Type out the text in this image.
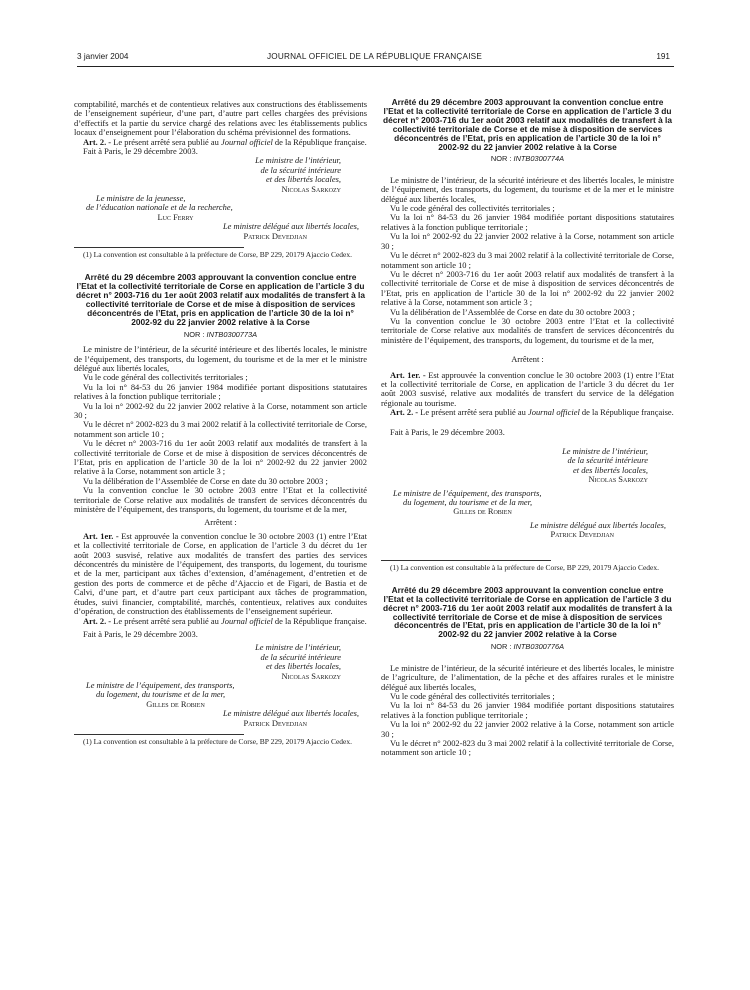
3 janvier 2004	JOURNAL OFFICIEL DE LA RÉPUBLIQUE FRANÇAISE	191

comptabilité, marchés et de contentieux relatives aux constructions des établissements de l’enseignement supérieur, d’une part, d’autre part celles chargées des prévisions d’effectifs et la partie du service chargé des relations avec les établissements publics locaux d’enseignement pour l’élaboration du schéma prévisionnel des formations.

Art. 2. - Le présent arrêté sera publié au Journal officiel de la République française.

Fait à Paris, le 29 décembre 2003.

Le ministre de l’intérieur,
de la sécurité intérieure
et des libertés locales,
Nicolas Sarkozy
Le ministre de la jeunesse,
de l’éducation nationale et de la recherche,
Luc Ferry
Le ministre délégué aux libertés locales,
Patrick Devedjian

(1) La convention est consultable à la préfecture de Corse, BP 229, 20179 Ajaccio Cedex.

Arrêté du 29 décembre 2003 approuvant la convention conclue entre l’Etat et la collectivité territoriale de Corse en application de l’article 3 du décret n° 2003-716 du 1er août 2003 relatif aux modalités de transfert à la collectivité territoriale de Corse et de mise à disposition de services déconcentrés de l’Etat, pris en application de l’article 30 de la loi n° 2002-92 du 22 janvier 2002 relative à la Corse
NOR : INTB0300773A

Le ministre de l’intérieur, de la sécurité intérieure et des libertés locales, le ministre de l’équipement, des transports, du logement, du tourisme et de la mer et le ministre délégué aux libertés locales,

Vu le code général des collectivités territoriales ;

Vu la loi n° 84-53 du 26 janvier 1984 modifiée portant dispositions statutaires relatives à la fonction publique territoriale ;

Vu la loi n° 2002-92 du 22 janvier 2002 relative à la Corse, notamment son article 30 ;

Vu le décret n° 2002-823 du 3 mai 2002 relatif à la collectivité territoriale de Corse, notamment son article 10 ;

Vu le décret n° 2003-716 du 1er août 2003 relatif aux modalités de transfert à la collectivité territoriale de Corse et de mise à disposition de services déconcentrés de l’Etat, pris en application de l’article 30 de la loi n° 2002-92 du 22 janvier 2002 relative à la Corse, notamment son article 3 ;

Vu la délibération de l’Assemblée de Corse en date du 30 octobre 2003 ;

Vu la convention conclue le 30 octobre 2003 entre l’Etat et la collectivité territoriale de Corse relative aux modalités de transfert de services déconcentrés du ministère de l’équipement, des transports, du logement, du tourisme et de la mer,

Arrêtent :

Art. 1er. - Est approuvée la convention conclue le 30 octobre 2003 (1) entre l’Etat et la collectivité territoriale de Corse, en application de l’article 3 du décret du 1er août 2003 susvisé, relative aux modalités de transfert des parties des services déconcentrés du ministère de l’équipement, des transports, du logement, du tourisme et de la mer, participant aux tâches d’extension, d’aménagement, d’entretien et de gestion des ports de commerce et de pêche d’Ajaccio et de Figari, de Bastia et de Calvi, d’une part, et d’autre part ceux participant aux tâches de programmation, études, suivi financier, comptabilité, marchés, contentieux, relatives aux conduites d’opération, de construction des établissements de l’enseignement supérieur.

Art. 2. - Le présent arrêté sera publié au Journal officiel de la République française.

Fait à Paris, le 29 décembre 2003.

Le ministre de l’intérieur,
de la sécurité intérieure
et des libertés locales,
Nicolas Sarkozy
Le ministre de l’équipement, des transports,
du logement, du tourisme et de la mer,
Gilles de Robien
Le ministre délégué aux libertés locales,
Patrick Devedjian

(1) La convention est consultable à la préfecture de Corse, BP 229, 20179 Ajaccio Cedex.

Arrêté du 29 décembre 2003 approuvant la convention conclue entre l’Etat et la collectivité territoriale de Corse en application de l’article 3 du décret n° 2003-716 du 1er août 2003 relatif aux modalités de transfert à la collectivité territoriale de Corse et de mise à disposition de services déconcentrés de l’Etat, pris en application de l’article 30 de la loi n° 2002-92 du 22 janvier 2002 relative à la Corse
NOR : INTB0300774A

Le ministre de l’intérieur, de la sécurité intérieure et des libertés locales, le ministre de l’équipement, des transports, du logement, du tourisme et de la mer et le ministre délégué aux libertés locales,

Vu le code général des collectivités territoriales ;

Vu la loi n° 84-53 du 26 janvier 1984 modifiée portant dispositions statutaires relatives à la fonction publique territoriale ;

Vu la loi n° 2002-92 du 22 janvier 2002 relative à la Corse, notamment son article 30 ;

Vu le décret n° 2002-823 du 3 mai 2002 relatif à la collectivité territoriale de Corse, notamment son article 10 ;

Vu le décret n° 2003-716 du 1er août 2003 relatif aux modalités de transfert à la collectivité territoriale de Corse et de mise à disposition de services déconcentrés de l’Etat, pris en application de l’article 30 de la loi n° 2002-92 du 22 janvier 2002 relative à la Corse, notamment son article 3 ;

Vu la délibération de l’Assemblée de Corse en date du 30 octobre 2003 ;

Vu la convention conclue le 30 octobre 2003 entre l’Etat et la collectivité territoriale de Corse relative aux modalités de transfert de services déconcentrés du ministère de l’équipement, des transports, du logement, du tourisme et de la mer,

Arrêtent :

Art. 1er. - Est approuvée la convention conclue le 30 octobre 2003 (1) entre l’Etat et la collectivité territoriale de Corse, en application de l’article 3 du décret du 1er août 2003 susvisé, relative aux modalités de transfert du service de la délégation régionale au tourisme.

Art. 2. - Le présent arrêté sera publié au Journal officiel de la République française.

Fait à Paris, le 29 décembre 2003.

Le ministre de l’intérieur,
de la sécurité intérieure
et des libertés locales,
Nicolas Sarkozy
Le ministre de l’équipement, des transports,
du logement, du tourisme et de la mer,
Gilles de Robien
Le ministre délégué aux libertés locales,
Patrick Devedjian

(1) La convention est consultable à la préfecture de Corse, BP 229, 20179 Ajaccio Cedex.

Arrêté du 29 décembre 2003 approuvant la convention conclue entre l’Etat et la collectivité territoriale de Corse en application de l’article 3 du décret n° 2003-716 du 1er août 2003 relatif aux modalités de transfert à la collectivité territoriale de Corse et de mise à disposition de services déconcentrés de l’Etat, pris en application de l’article 30 de la loi n° 2002-92 du 22 janvier 2002 relative à la Corse
NOR : INTB0300776A

Le ministre de l’intérieur, de la sécurité intérieure et des libertés locales, le ministre de l’agriculture, de l’alimentation, de la pêche et des affaires rurales et le ministre délégué aux libertés locales,

Vu le code général des collectivités territoriales ;

Vu la loi n° 84-53 du 26 janvier 1984 modifiée portant dispositions statutaires relatives à la fonction publique territoriale ;

Vu la loi n° 2002-92 du 22 janvier 2002 relative à la Corse, notamment son article 30 ;

Vu le décret n° 2002-823 du 3 mai 2002 relatif à la collectivité territoriale de Corse, notamment son article 10 ;
